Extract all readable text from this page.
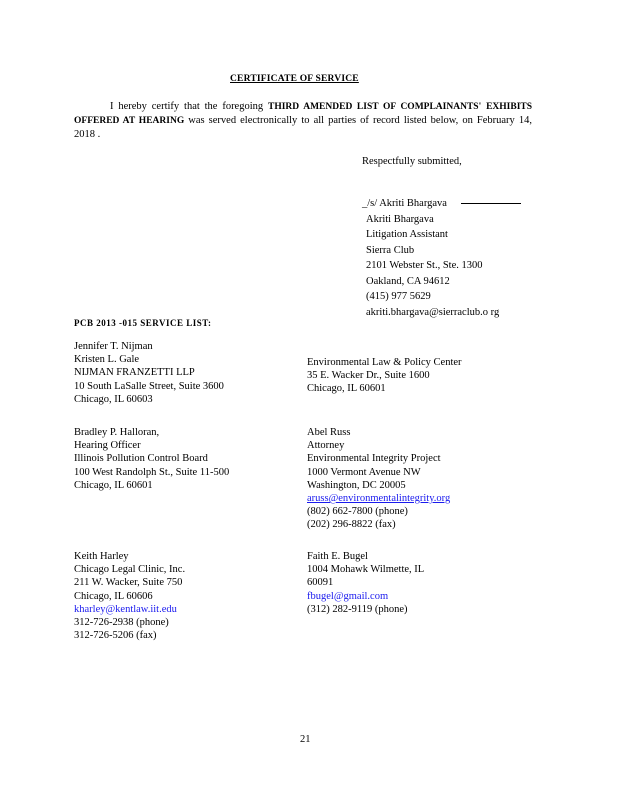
CERTIFICATE OF SERVICE
I hereby certify that the foregoing THIRD AMENDED LIST OF COMPLAINANTS' EXHIBITS OFFERED AT HEARING was served electronically to all parties of record listed below, on February 14, 2018 .
Respectfully submitted,
_/s/ Akriti Bhargava
Akriti Bhargava
Litigation Assistant
Sierra Club
2101 Webster St., Ste. 1300
Oakland, CA 94612
(415) 977 5629
akriti.bhargava@sierraclub.o rg
PCB 2013 -015 SERVICE LIST:
Jennifer T. Nijman
Kristen L. Gale
NIJMAN FRANZETTI LLP
10 South LaSalle Street, Suite 3600
Chicago, IL 60603
Environmental Law & Policy Center
35 E. Wacker Dr., Suite 1600
Chicago, IL 60601
Bradley P. Halloran,
Hearing Officer
Illinois Pollution Control Board
100 West Randolph St., Suite 11-500
Chicago, IL 60601
Abel Russ
Attorney
Environmental Integrity Project
1000 Vermont Avenue NW
Washington, DC 20005
aruss@environmentalintegrity.org
(802) 662-7800 (phone)
(202) 296-8822 (fax)
Keith Harley
Chicago Legal Clinic, Inc.
211 W. Wacker, Suite 750
Chicago, IL 60606
kharley@kentlaw.iit.edu
312-726-2938 (phone)
312-726-5206 (fax)
Faith E. Bugel
1004 Mohawk Wilmette, IL
60091
fbugel@gmail.com
(312) 282-9119 (phone)
21
